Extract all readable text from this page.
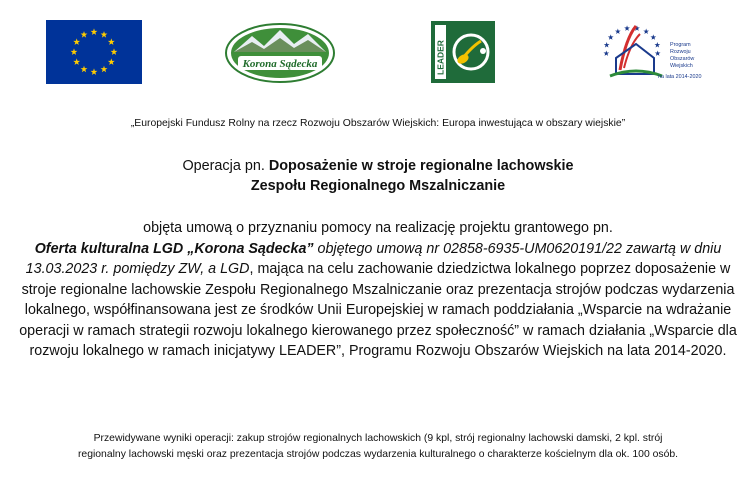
Korona Sądecka	LEADER	Program
Rozwoju
Obszarów
Wiejskich
na lata 2014-2020
„Europejski Fundusz Rolny na rzecz Rozwoju Obszarów Wiejskich: Europa inwestująca w obszary wiejskie”
Operacja pn. Doposażenie w stroje regionalne lachowskie
Zespołu Regionalnego Mszalniczanie
objęta umową o przyznaniu pomocy na realizację projektu grantowego pn.
Oferta kulturalna LGD „Korona Sądecka” objętego umową nr 02858-6935-UM0620191/22 zawartą w dniu 13.03.2023 r. pomiędzy ZW, a LGD, mająca na celu zachowanie dziedzictwa lokalnego poprzez doposażenie w stroje regionalne lachowskie Zespołu Regionalnego Mszalniczanie oraz prezentacja strojów podczas wydarzenia lokalnego, współfinansowana jest ze środków Unii Europejskiej w ramach poddziałania „Wsparcie na wdrażanie operacji w ramach strategii rozwoju lokalnego kierowanego przez społeczność” w ramach działania „Wsparcie dla rozwoju lokalnego w ramach inicjatywy LEADER”, Programu Rozwoju Obszarów Wiejskich na lata 2014-2020.
Przewidywane wyniki operacji: zakup strojów regionalnych lachowskich (9 kpl, strój regionalny lachowski damski, 2 kpl. strój
regionalny lachowski męski oraz prezentacja strojów podczas wydarzenia kulturalnego o charakterze kościelnym dla ok. 100 osób.
